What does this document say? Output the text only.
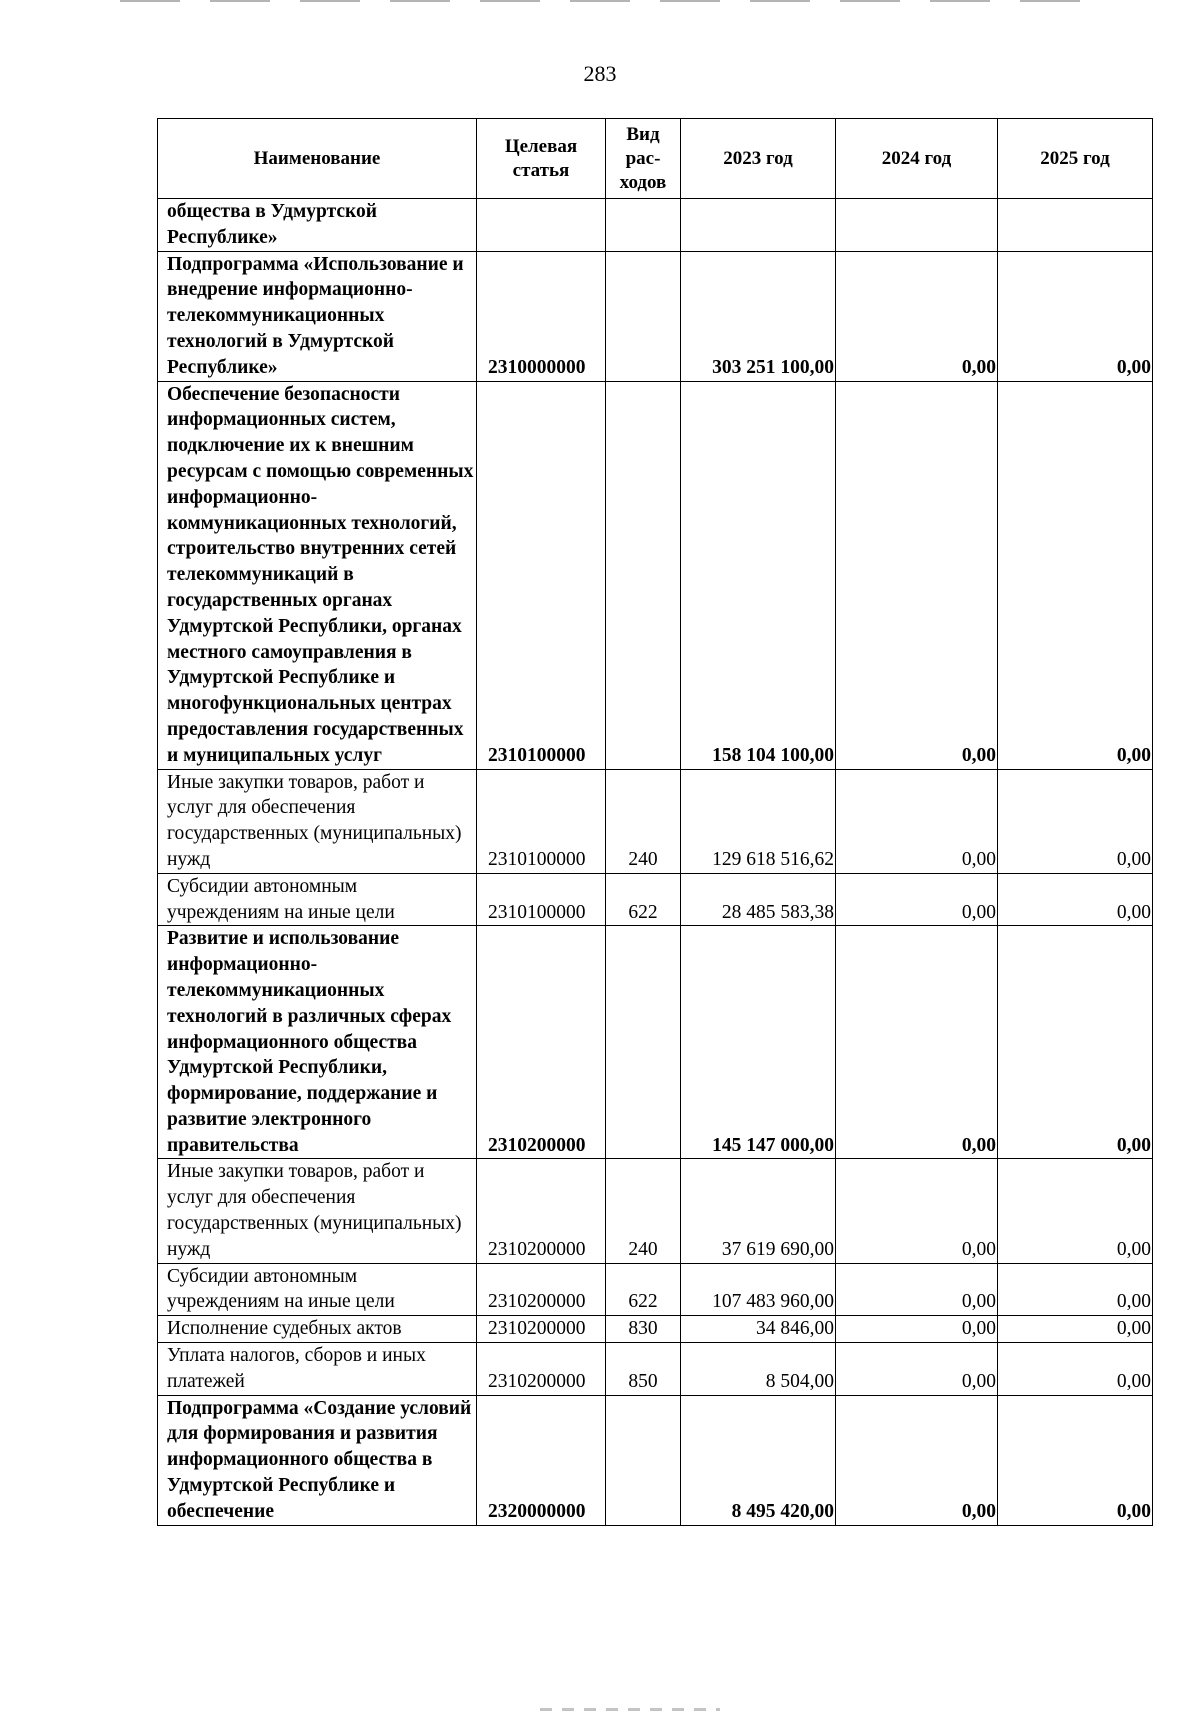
283
Наименование	Целевая статья	Вид рас-ходов	2023 год	2024 год	2025 год
общества в Удмуртской Республике»					
Подпрограмма «Использование и внедрение информационно-телекоммуникационных технологий в Удмуртской Республике»	2310000000		303 251 100,00	0,00	0,00
Обеспечение безопасности информационных систем, подключение их к внешним ресурсам с помощью современных информационно-коммуникационных технологий, строительство внутренних сетей телекоммуникаций в государственных органах Удмуртской Республики, органах местного самоуправления в Удмуртской Республике и многофункциональных центрах предоставления государственных и муниципальных услуг	2310100000		158 104 100,00	0,00	0,00
Иные закупки товаров, работ и услуг для обеспечения государственных (муниципальных) нужд	2310100000	240	129 618 516,62	0,00	0,00
Субсидии автономным учреждениям на иные цели	2310100000	622	28 485 583,38	0,00	0,00
Развитие и использование информационно-телекоммуникационных технологий в различных сферах информационного общества Удмуртской Республики, формирование, поддержание и развитие электронного правительства	2310200000		145 147 000,00	0,00	0,00
Иные закупки товаров, работ и услуг для обеспечения государственных (муниципальных) нужд	2310200000	240	37 619 690,00	0,00	0,00
Субсидии автономным учреждениям на иные цели	2310200000	622	107 483 960,00	0,00	0,00
Исполнение судебных актов	2310200000	830	34 846,00	0,00	0,00
Уплата налогов, сборов и иных платежей	2310200000	850	8 504,00	0,00	0,00
Подпрограмма «Создание условий для формирования и развития информационного общества в Удмуртской Республике и обеспечение	2320000000		8 495 420,00	0,00	0,00
